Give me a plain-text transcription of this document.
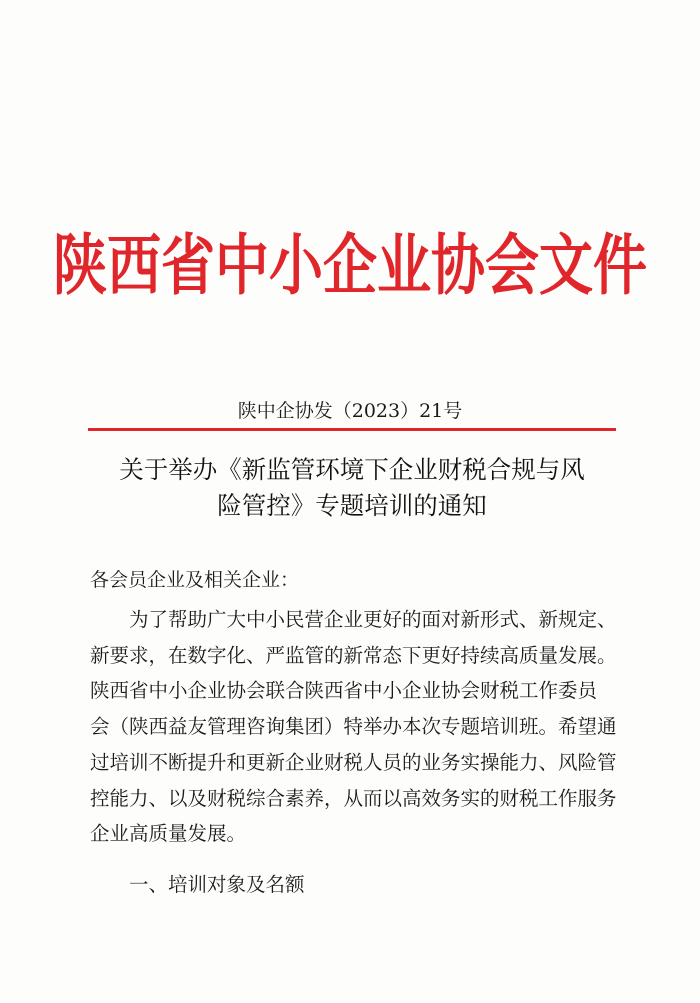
陕西省中小企业协会文件
陕中企协发（2023）21号
关于举办《新监管环境下企业财税合规与风
险管控》专题培训的通知
各会员企业及相关企业：
为了帮助广大中小民营企业更好的面对新形式、新规定、
新要求，在数字化、严监管的新常态下更好持续高质量发展。
陕西省中小企业协会联合陕西省中小企业协会财税工作委员
会（陕西益友管理咨询集团）特举办本次专题培训班。希望通
过培训不断提升和更新企业财税人员的业务实操能力、风险管
控能力、以及财税综合素养，从而以高效务实的财税工作服务
企业高质量发展。
一、培训对象及名额
